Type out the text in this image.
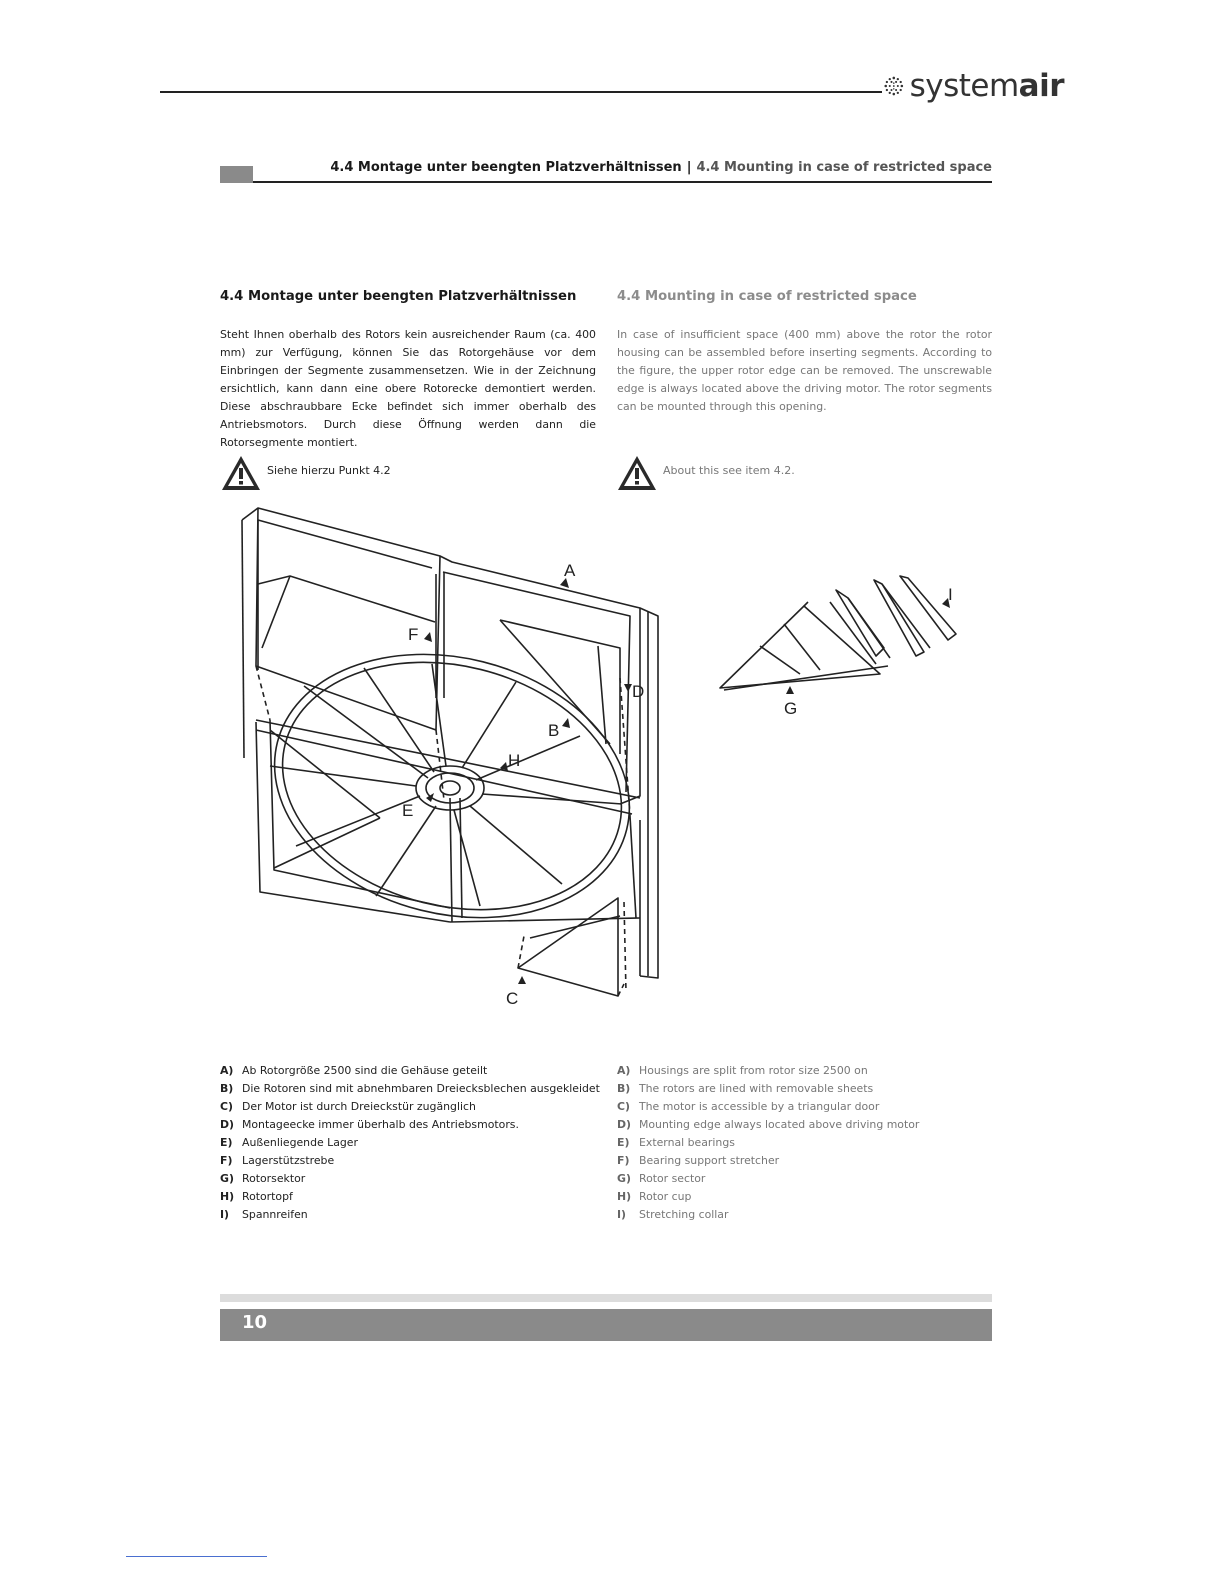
systemair
4.4 Montage unter beengten Platzverhältnissen | 4.4 Mounting in case of restricted space
4.4 Montage unter beengten Platzverhältnissen	4.4 Mounting in case of restricted space
Steht Ihnen oberhalb des Rotors kein ausreichender Raum (ca. 400 mm) zur Verfügung, können Sie das Rotorgehäuse vor dem Einbringen der Segmente zusammensetzen. Wie in der Zeichnung ersichtlich, kann dann eine obere Rotorecke demontiert werden. Diese abschraubbare Ecke befindet sich immer oberhalb des Antriebsmotors. Durch diese Öffnung werden dann die Rotorsegmente montiert.
In case of insufficient space (400 mm) above the rotor the rotor housing can be assembled before inserting segments. According to the figure, the upper rotor edge can be removed. The unscrewable edge is always located above the driving motor. The rotor segments can be mounted through this opening.
Siehe hierzu Punkt 4.2	About this see item 4.2.
A
F
D
B
H
E
C
G
I
A) Ab Rotorgröße 2500 sind die Gehäuse geteilt
B) Die Rotoren sind mit abnehmbaren Dreiecksblechen ausgekleidet
C) Der Motor ist durch Dreieckstür zugänglich
D) Montageecke immer überhalb des Antriebsmotors.
E) Außenliegende Lager
F) Lagerstützstrebe
G) Rotorsektor
H) Rotortopf
I)	Spannreifen
A) Housings are split from rotor size 2500 on
B) The rotors are lined with removable sheets
C) The motor is accessible by a triangular door
D) Mounting edge always located above driving motor
E) External bearings
F) Bearing support stretcher
G) Rotor sector
H) Rotor cup
I)	Stretching collar
10
